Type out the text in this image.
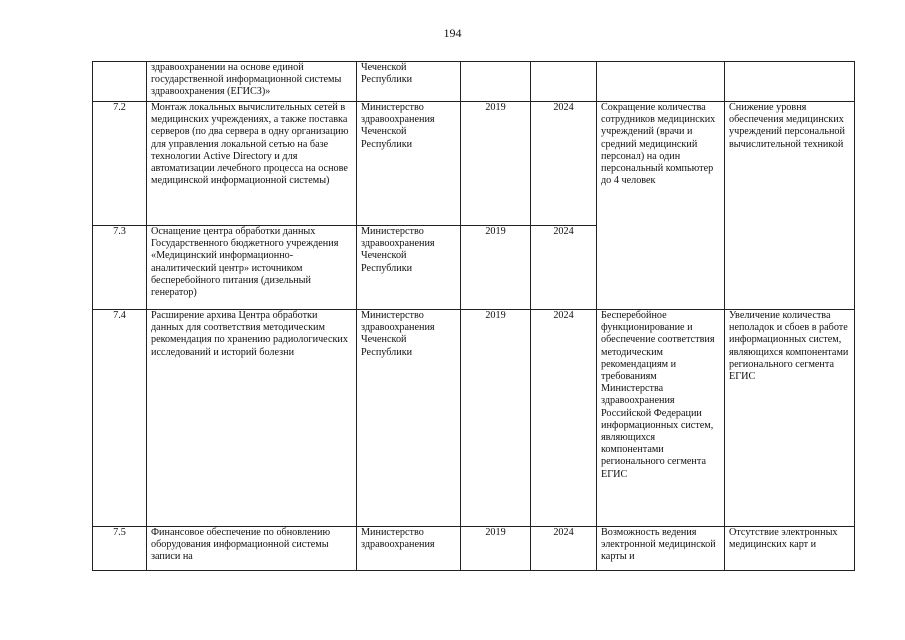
194
	здравоохранении на основе единой государственной информационной системы здравоохранения (ЕГИСЗ)»	Чеченской Республики				
7.2	Монтаж локальных вычислительных сетей в медицинских учреждениях, а также поставка серверов (по два сервера в одну организацию для управления локальной сетью на базе технологии Active Directory и для автоматизации лечебного процесса на основе медицинской информационной системы)	Министерство здравоохранения Чеченской Республики	2019	2024	Сокращение количества сотрудников медицинских учреждений (врачи и средний медицинский персонал) на один персональный компьютер до 4 человек	Снижение уровня обеспечения медицинских учреждений персональной вычислительной техникой
7.3	Оснащение центра обработки данных Государственного бюджетного учреждения «Медицинский информационно-аналитический центр» источником бесперебойного питания (дизельный генератор)	Министерство здравоохранения Чеченской Республики	2019	2024		
7.4	Расширение архива Центра обработки данных для соответствия методическим рекомендация по хранению радиологических исследований и историй болезни	Министерство здравоохранения Чеченской Республики	2019	2024	Бесперебойное функционирование и обеспечение соответствия методическим рекомендациям и требованиям Министерства здравоохранения Российской Федерации информационных систем, являющихся компонентами регионального сегмента ЕГИС	Увеличение количества неполадок и сбоев в работе информационных систем, являющихся компонентами регионального сегмента ЕГИС
7.5	Финансовое обеспечение по обновлению оборудования информационной системы записи на	Министерство здравоохранения	2019	2024	Возможность ведения электронной медицинской карты и	Отсутствие электронных медицинских карт и
